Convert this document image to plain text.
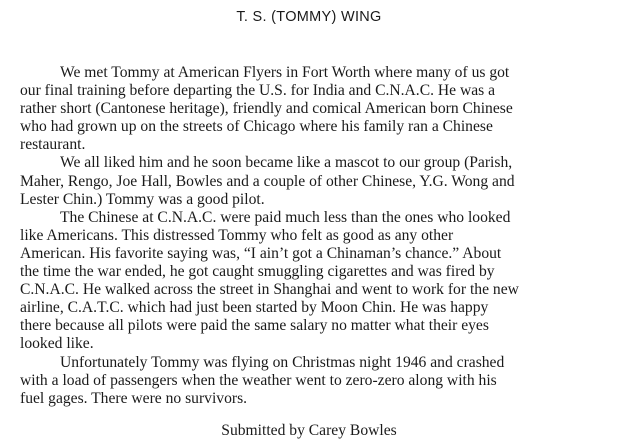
T. S. (TOMMY) WING
We met Tommy at American Flyers in Fort Worth where many of us got
our final training before departing the U.S. for India and C.N.A.C. He was a
rather short (Cantonese heritage), friendly and comical American born Chinese
who had grown up on the streets of Chicago where his family ran a Chinese
restaurant.
We all liked him and he soon became like a mascot to our group (Parish,
Maher, Rengo, Joe Hall, Bowles and a couple of other Chinese, Y.G. Wong and
Lester Chin.) Tommy was a good pilot.
The Chinese at C.N.A.C. were paid much less than the ones who looked
like Americans. This distressed Tommy who felt as good as any other
American. His favorite saying was, “I ain’t got a Chinaman’s chance.” About
the time the war ended, he got caught smuggling cigarettes and was fired by
C.N.A.C. He walked across the street in Shanghai and went to work for the new
airline, C.A.T.C. which had just been started by Moon Chin. He was happy
there because all pilots were paid the same salary no matter what their eyes
looked like.
Unfortunately Tommy was flying on Christmas night 1946 and crashed
with a load of passengers when the weather went to zero-zero along with his
fuel gages. There were no survivors.
Submitted by Carey Bowles
